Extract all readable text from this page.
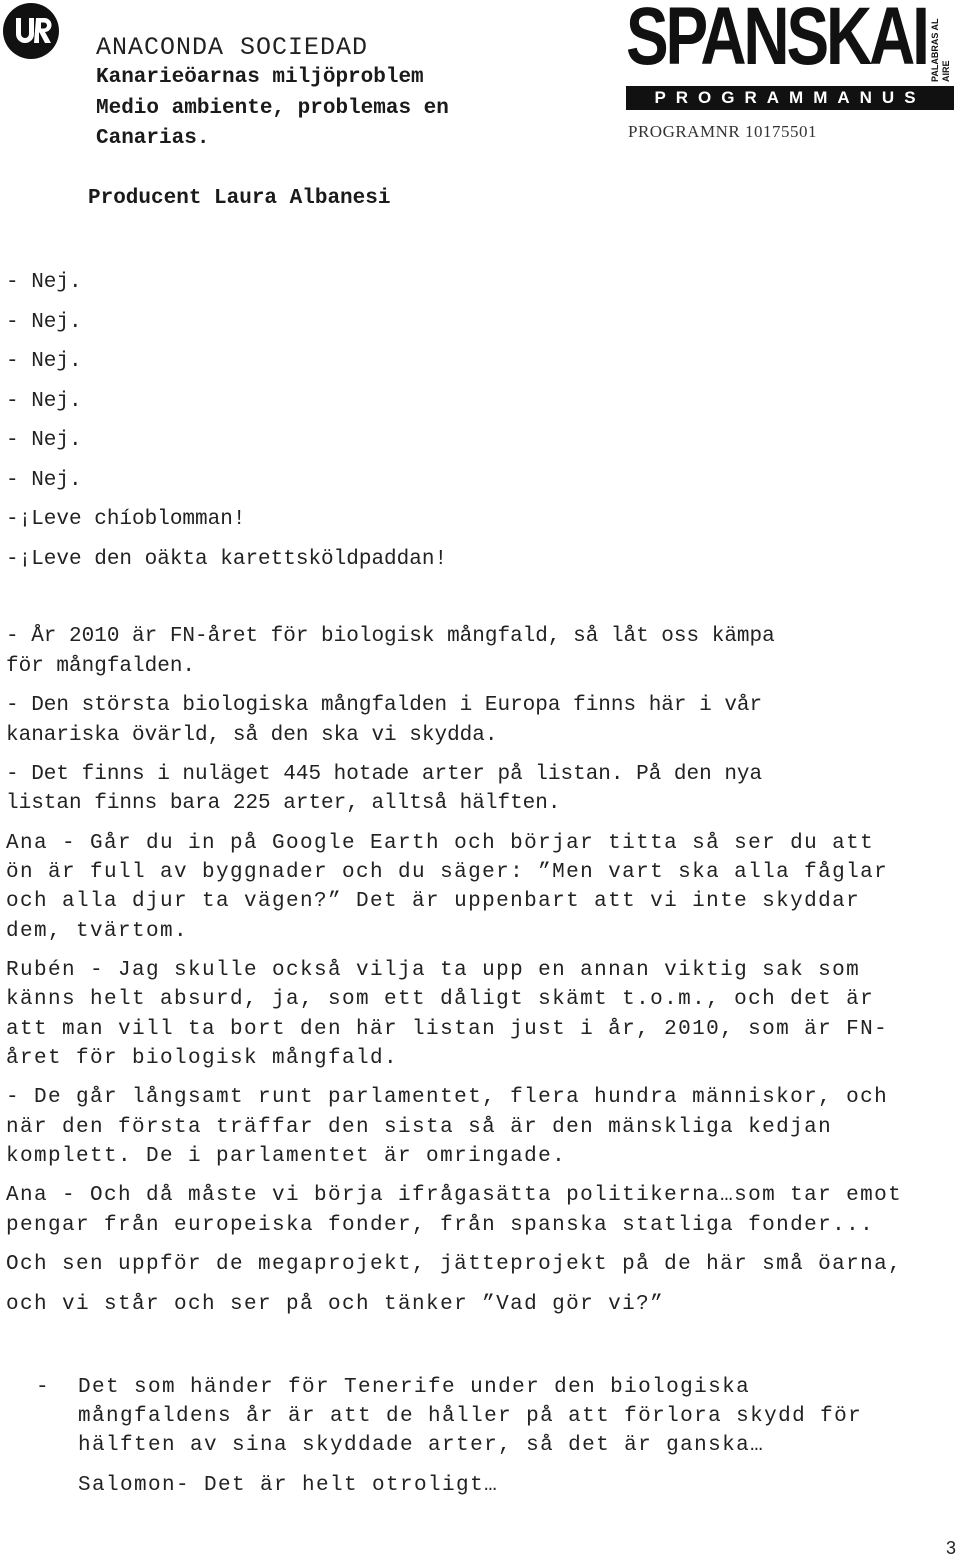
ANACONDA SOCIEDAD
Kanarieöarnas miljöproblem
Medio ambiente, problemas en
Canarias.
Producent Laura Albanesi
SPANSKAI PALABRAS AL AIRE
PROGRAMMANUS
PROGRAMNR 10175501
- Nej.
- Nej.
- Nej.
- Nej.
- Nej.
- Nej.
-¡Leve chíoblomman!
-¡Leve den oäkta karettsköldpaddan!
- År 2010 är FN-året för biologisk mångfald, så låt oss kämpa
för mångfalden.
- Den största biologiska mångfalden i Europa finns här i vår
kanariska övärld, så den ska vi skydda.
- Det finns i nuläget 445 hotade arter på listan. På den nya
listan finns bara 225 arter, alltså hälften.
Ana - Går du in på Google Earth och börjar titta så ser du att
ön är full av byggnader och du säger: ”Men vart ska alla fåglar
och alla djur ta vägen?” Det är uppenbart att vi inte skyddar
dem, tvärtom.
Rubén - Jag skulle också vilja ta upp en annan viktig sak som
känns helt absurd, ja, som ett dåligt skämt t.o.m., och det är
att man vill ta bort den här listan just i år, 2010, som är FN-
året för biologisk mångfald.
- De går långsamt runt parlamentet, flera hundra människor, och
när den första träffar den sista så är den mänskliga kedjan
komplett. De i parlamentet är omringade.
Ana - Och då måste vi börja ifrågasätta politikerna…som tar emot
pengar från europeiska fonder, från spanska statliga fonder...
Och sen uppför de megaprojekt, jätteprojekt på de här små öarna,
och vi står och ser på och tänker ”Vad gör vi?”
-  Det som händer för Tenerife under den biologiska
mångfaldens år är att de håller på att förlora skydd för
hälften av sina skyddade arter, så det är ganska…
Salomon- Det är helt otroligt…
3
